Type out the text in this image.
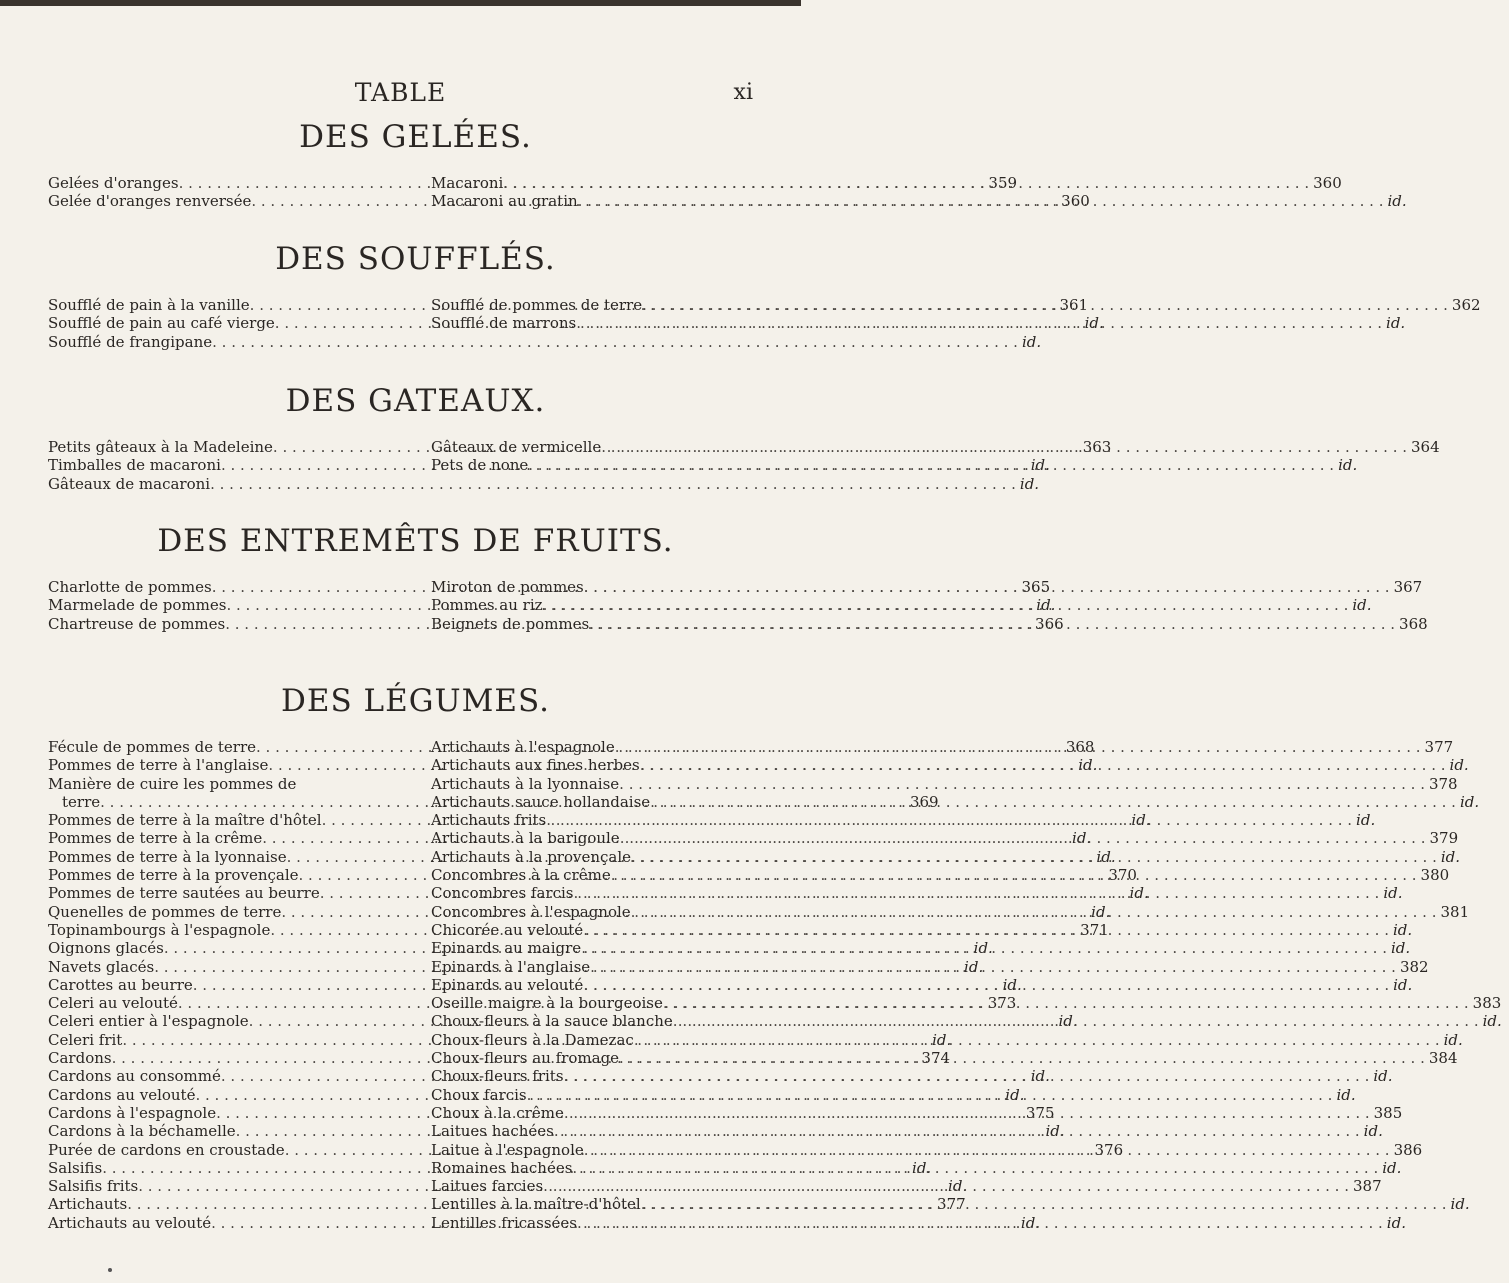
TABLE	xi
DES GELÉES.
Gelées d'oranges . . .	359
Gelée d'oranges renversée . . .	360
Macaroni . . .	360
Macaroni au gratin . . .	id.
DES SOUFFLÉS.
Soufflé de pain à la vanille . . .	361
Soufflé de pain au café vierge . . .	id.
Soufflé de frangipane . . .	id.
Soufflé de pommes de terre . . .	362
Soufflé de marrons . . .	id.
DES GATEAUX.
Petits gâteaux à la Madeleine . . .	363
Timballes de macaroni . . .	id.
Gâteaux de macaroni . . .	id.
Gâteaux de vermicelle . . .	364
Pets de none . . .	id.
DES ENTREMÊTS DE FRUITS.
Charlotte de pommes . . .	365
Marmelade de pommes . . .	id.
Chartreuse de pommes . . .	366
Miroton de pommes . . .	367
Pommes au riz . . .	id.
Beignets de pommes . . .	368
DES LÉGUMES.
Fécule de pommes de terre . . .	368
Pommes de terre à l'anglaise . . .	id.
Manière de cuire les pommes de
terre . . .	369
Pommes de terre à la maître d'hôtel . . .	id.
Pommes de terre à la crême . . .	id.
Pommes de terre à la lyonnaise . . .	id.
Pommes de terre à la provençale . . .	370
Pommes de terre sautées au beurre . . .	id.
Quenelles de pommes de terre . . .	id.
Topinambourgs à l'espagnole . . .	371
Oignons glacés . . .	id.
Navets glacés . . .	id.
Carottes au beurre . . .	id.
Celeri au velouté . . .	373
Celeri entier à l'espagnole . . .	id.
Celeri frit . . .	id.
Cardons . . .	374
Cardons au consommé . . .	id.
Cardons au velouté . . .	id.
Cardons à l'espagnole . . .	375
Cardons à la béchamelle . . .	id.
Purée de cardons en croustade . . .	376
Salsifis . . .	id.
Salsifis frits . . .	id.
Artichauts . . .	377
Artichauts au velouté . . .	id.
Artichauts à l'espagnole . . .	377
Artichauts aux fines herbes . . .	id.
Artichauts à la lyonnaise . . .	378
Artichauts sauce hollandaise . . .	id.
Artichauts frits . . .	id.
Artichauts à la barigoule . . .	379
Artichauts à la provençale . . .	id.
Concombres à la crême . . .	380
Concombres farcis . . .	id.
Concombres à l'espagnole . . .	381
Chicorée au velouté . . .	id.
Epinards au maigre . . .	id.
Epinards à l'anglaise . . .	382
Epinards au velouté . . .	id.
Oseille maigre à la bourgeoise . . .	383
Choux-fleurs à la sauce blanche . . .	id.
Choux-fleurs à la Damezac . . .	id.
Choux-fleurs au fromage . . .	384
Choux-fleurs frits . . .	id.
Choux farcis . . .	id.
Choux à la crême . . .	385
Laitues hachées . . .	id.
Laitue à l'espagnole . . .	386
Romaines hachées . . .	id.
Laitues farcies . . .	387
Lentilles à la maître-d'hôtel . . .	id.
Lentilles fricassées . . .	id.
